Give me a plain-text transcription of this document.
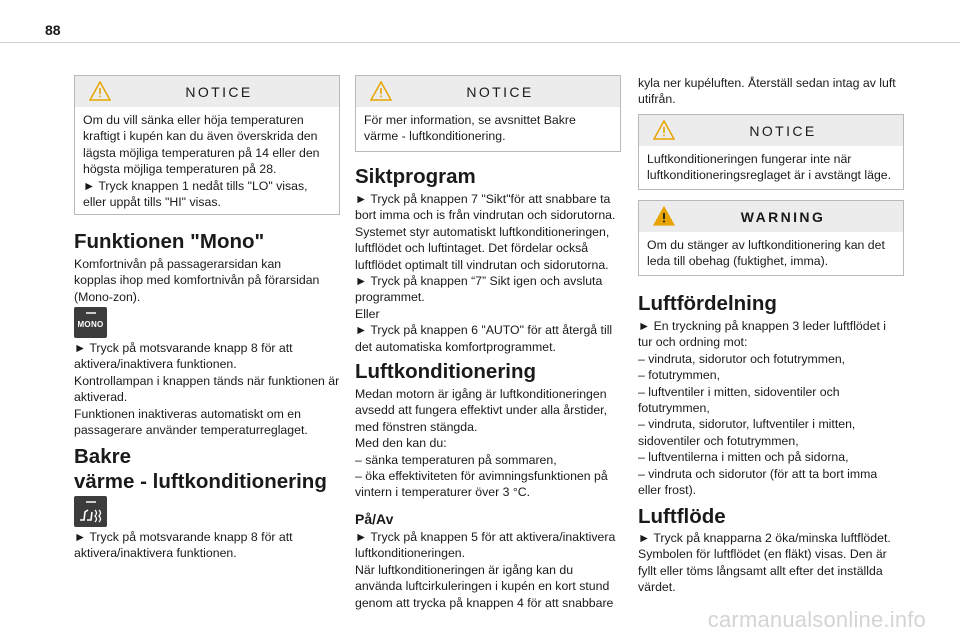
88
NOTICE
Om du vill sänka eller höja temperaturen
kraftigt i kupén kan du även överskrida den
lägsta möjliga temperaturen på 14 eller den
högsta möjliga temperaturen på 28.
► Tryck knappen 1 nedåt tills "LO" visas,
eller uppåt tills "HI" visas.
Funktionen "Mono"
Komfortnivån på passagerarsidan kan
kopplas ihop med komfortnivån på förarsidan
(Mono-zon).
MONO
► Tryck på motsvarande knapp 8 för att
aktivera/inaktivera funktionen.
Kontrollampan i knappen tänds när funktionen är
aktiverad.
Funktionen inaktiveras automatiskt om en
passagerare använder temperaturreglaget.
Bakre
värme - luftkonditionering
► Tryck på motsvarande knapp 8 för att
aktivera/inaktivera funktionen.
NOTICE
För mer information, se avsnittet Bakre
värme - luftkonditionering.
Siktprogram
► Tryck på knappen 7 "Sikt"för att snabbare ta
bort imma och is från vindrutan och sidorutorna.
Systemet styr automatiskt luftkonditioneringen,
luftflödet och luftintaget. Det fördelar också
luftflödet optimalt till vindrutan och sidorutorna.
► Tryck på knappen “7” Sikt igen och avsluta
programmet.
Eller
► Tryck på knappen 6 "AUTO" för att återgå till
det automatiska komfortprogrammet.
Luftkonditionering
Medan motorn är igång är luftkonditioneringen
avsedd att fungera effektivt under alla årstider,
med fönstren stängda.
Med den kan du:
– sänka temperaturen på sommaren,
– öka effektiviteten för avimningsfunktionen på
vintern i temperaturer över 3 °C.
På/Av
► Tryck på knappen 5 för att aktivera/inaktivera
luftkonditioneringen.
När luftkonditioneringen är igång kan du
använda luftcirkuleringen i kupén en kort stund
genom att trycka på knappen 4 för att snabbare
kyla ner kupéluften. Återställ sedan intag av luft
utifrån.
NOTICE
Luftkonditioneringen fungerar inte när
luftkonditioneringsreglaget är i avstängt läge.
WARNING
Om du stänger av luftkonditionering kan det
leda till obehag (fuktighet, imma).
Luftfördelning
► En tryckning på knappen 3 leder luftflödet i
tur och ordning mot:
– vindruta, sidorutor och fotutrymmen,
– fotutrymmen,
– luftventiler i mitten, sidoventiler och
fotutrymmen,
– vindruta, sidorutor, luftventiler i mitten,
sidoventiler och fotutrymmen,
– luftventilerna i mitten och på sidorna,
– vindruta och sidorutor (för att ta bort imma
eller frost).
Luftflöde
► Tryck på knapparna 2 öka/minska luftflödet.
Symbolen för luftflödet (en fläkt) visas. Den är
fyllt eller töms långsamt allt efter det inställda
värdet.
carmanualsonline.info
